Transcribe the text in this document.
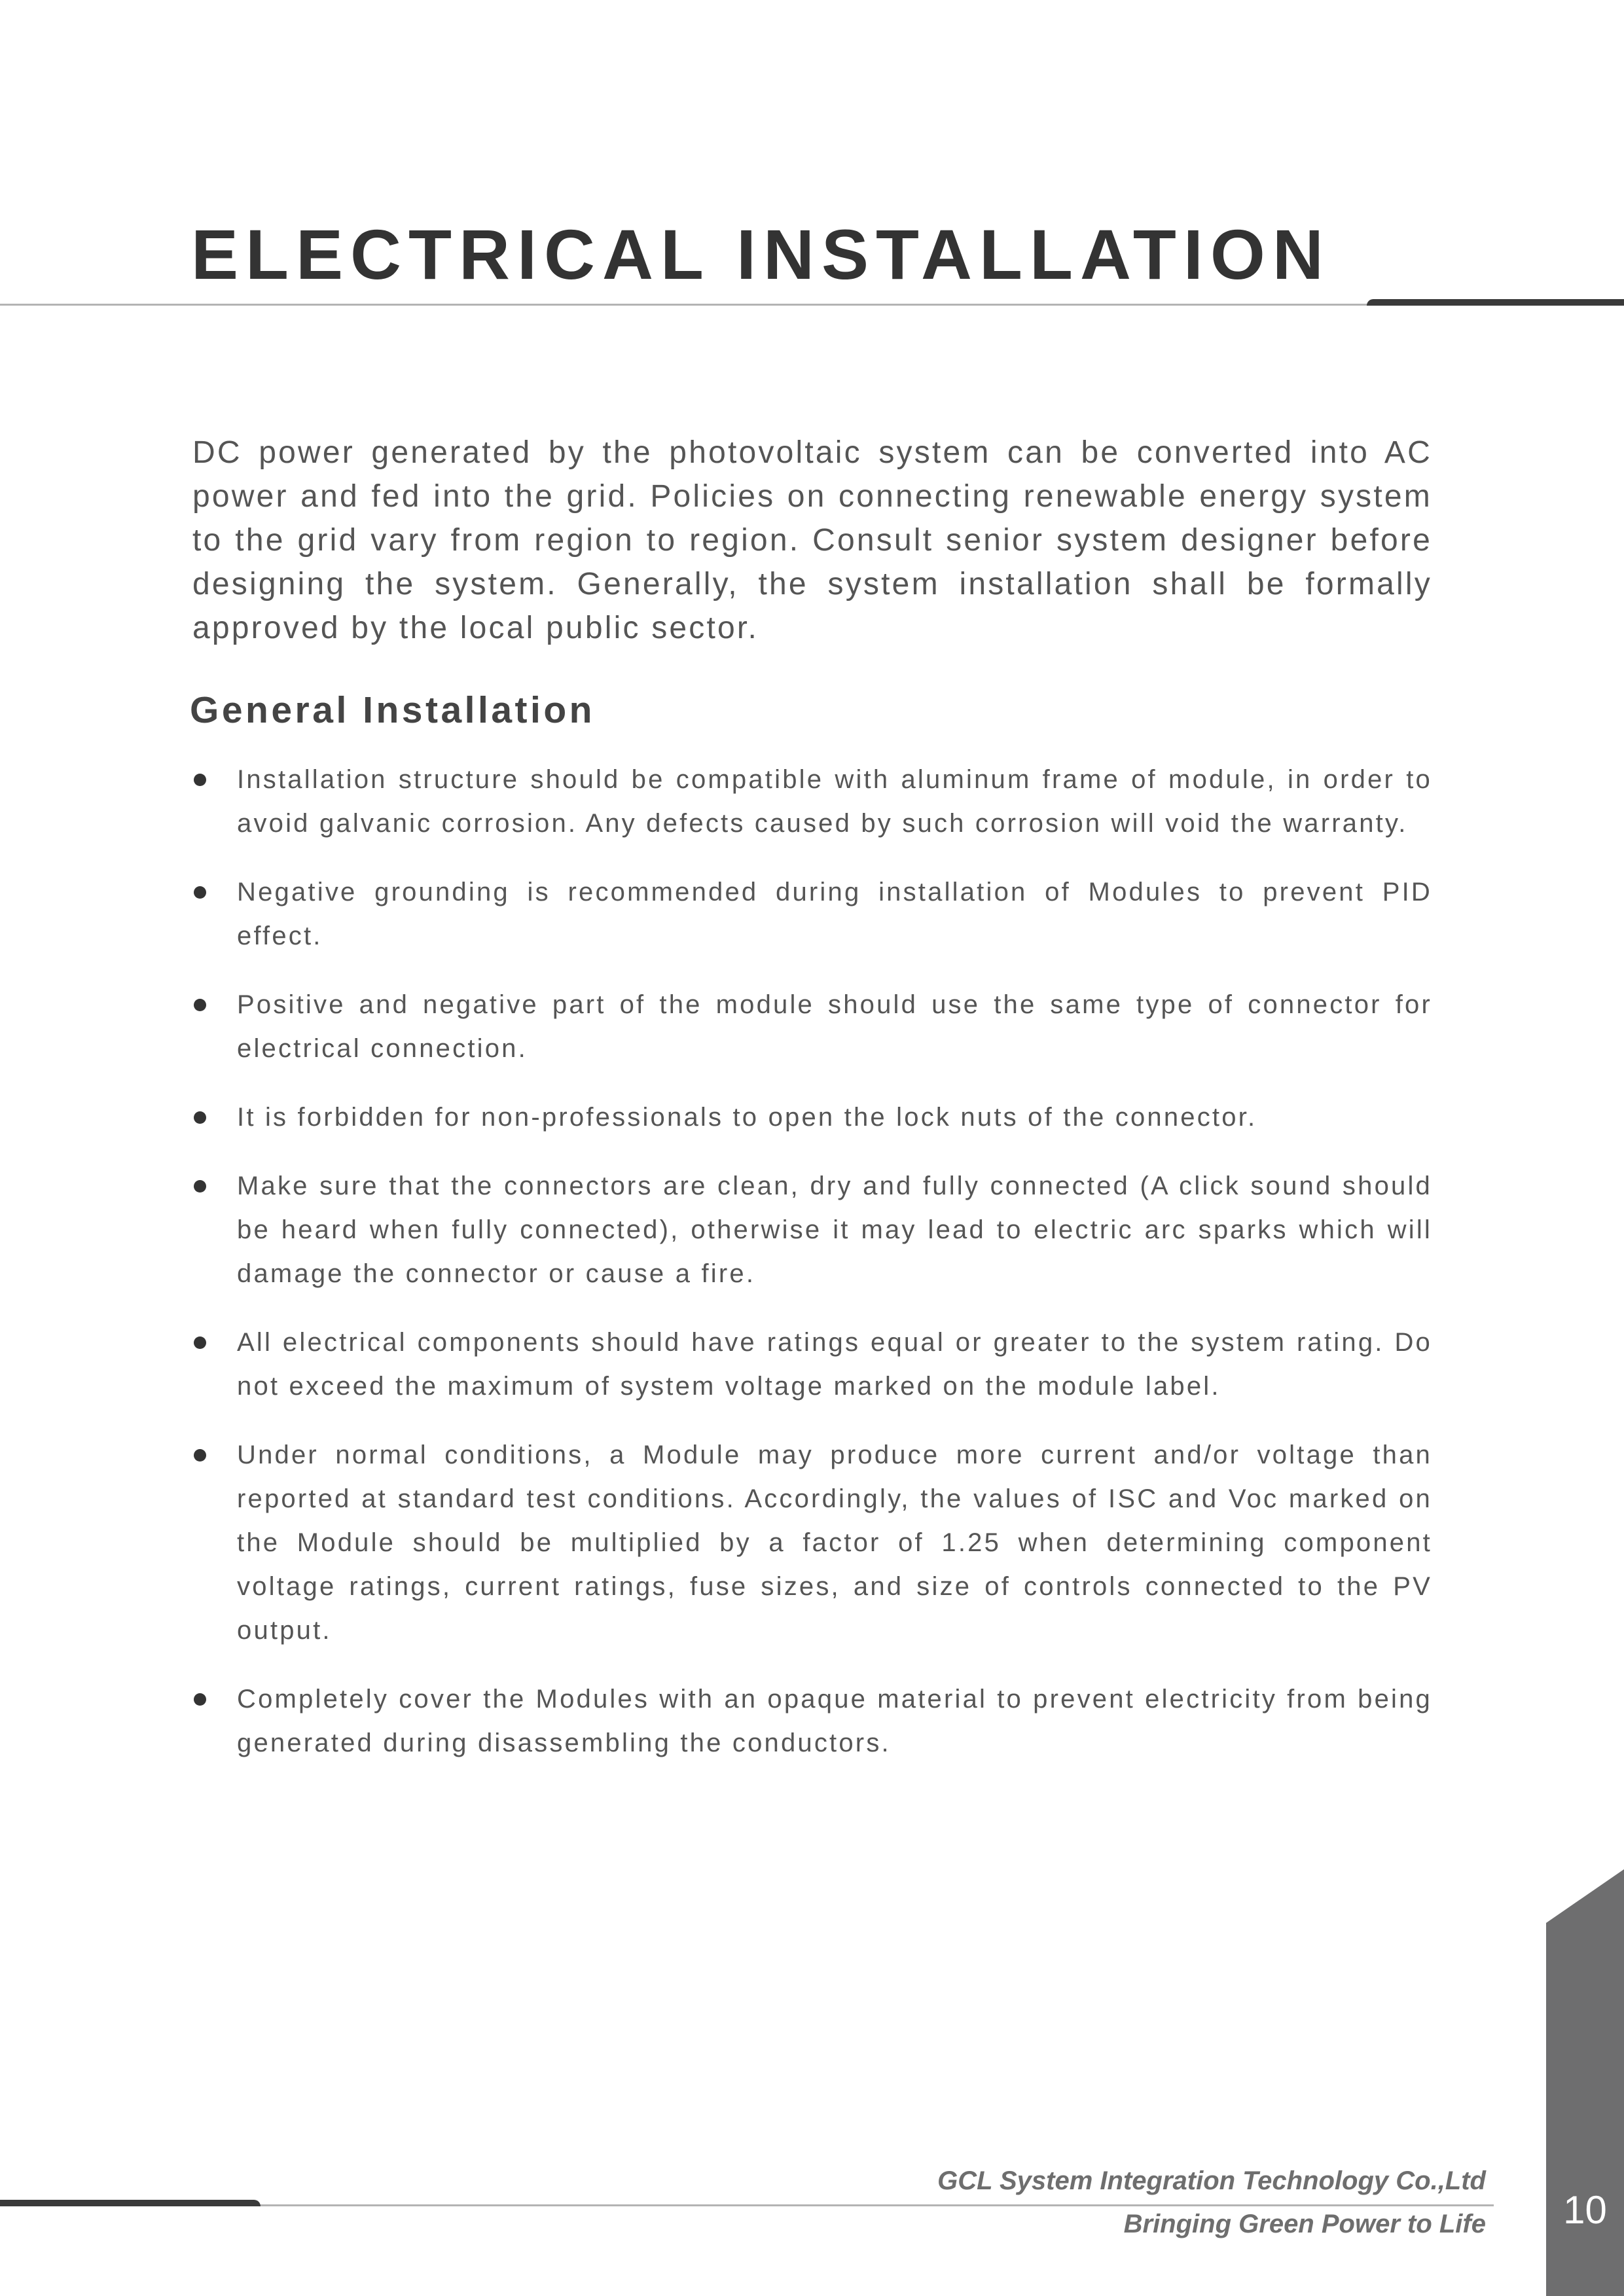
ELECTRICAL INSTALLATION

DC power generated by the photovoltaic system can be converted into AC power and fed into the grid. Policies on connecting renewable energy system to the grid vary from region to region. Consult senior system designer before designing the system. Generally, the system installation shall be formally approved by the local public sector.

General Installation
Installation structure should be compatible with aluminum frame of module, in order to avoid galvanic corrosion. Any defects caused by such corrosion will void the warranty.
Negative grounding is recommended during installation of Modules to prevent PID effect.
Positive and negative part of the module should use the same type of connector for electrical connection.
It is forbidden for non-professionals to open the lock nuts of the connector.
Make sure that the connectors are clean, dry and fully connected (A click sound should be heard when fully connected), otherwise it may lead to electric arc sparks which will damage the connector or cause a fire.
All electrical components should have ratings equal or greater to the system rating. Do not exceed the maximum of system voltage marked on the module label.
Under normal conditions, a Module may produce more current and/or voltage than reported at standard test conditions. Accordingly, the values of ISC and Voc marked on the Module should be multiplied by a factor of 1.25 when determining component voltage ratings, current ratings, fuse sizes, and size of controls connected to the PV output.
Completely cover the Modules with an opaque material to prevent electricity from being generated during disassembling the conductors.

GCL System Integration Technology Co.,Ltd

Bringing Green Power to Life	10
